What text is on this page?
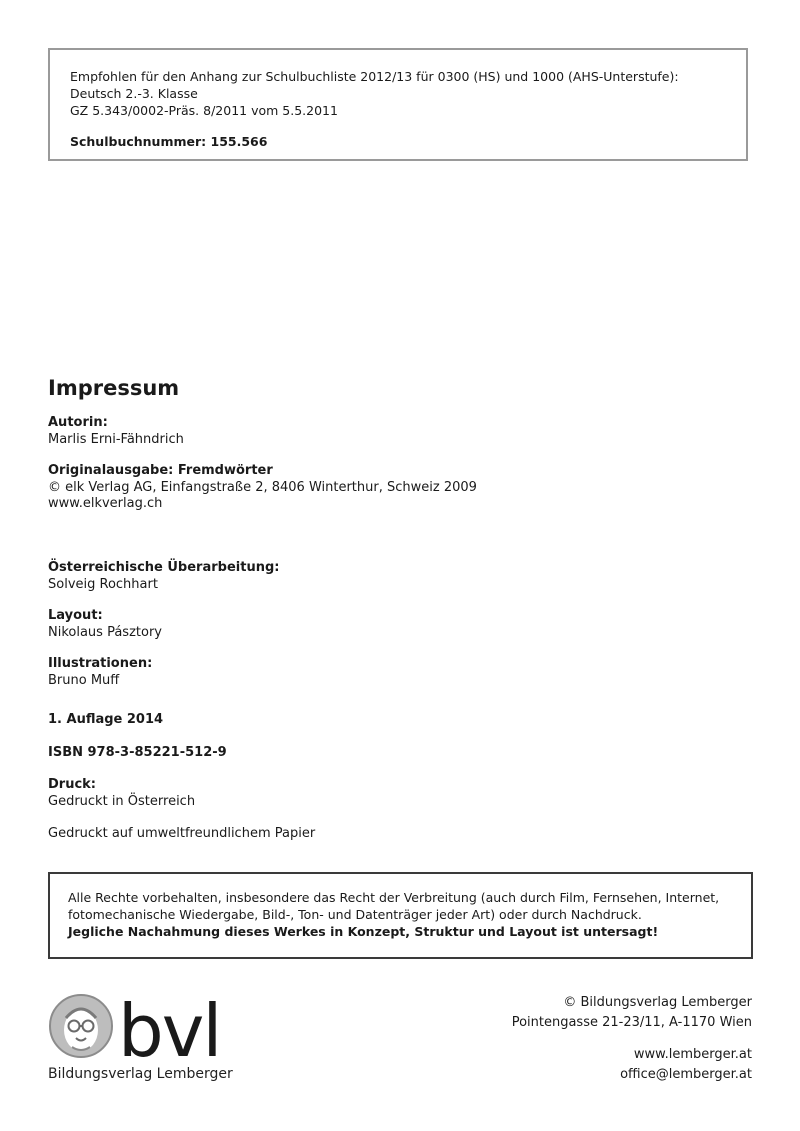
Empfohlen für den Anhang zur Schulbuchliste 2012/13 für 0300 (HS) und 1000 (AHS-Unterstufe):
Deutsch 2.-3. Klasse
GZ 5.343/0002-Präs. 8/2011 vom 5.5.2011
Schulbuchnummer: 155.566
Impressum
Autorin:
Marlis Erni-Fähndrich
Originalausgabe: Fremdwörter
© elk Verlag AG, Einfangstraße 2, 8406 Winterthur, Schweiz 2009
www.elkverlag.ch
Österreichische Überarbeitung:
Solveig Rochhart
Layout:
Nikolaus Pásztory
Illustrationen:
Bruno Muff
1. Auflage 2014
ISBN 978-3-85221-512-9
Druck:
Gedruckt in Österreich
Gedruckt auf umweltfreundlichem Papier
Alle Rechte vorbehalten, insbesondere das Recht der Verbreitung (auch durch Film, Fernsehen, Internet,
fotomechanische Wiedergabe, Bild-, Ton- und Datenträger jeder Art) oder durch Nachdruck.
Jegliche Nachahmung dieses Werkes in Konzept, Struktur und Layout ist untersagt!
bvl
Bildungsverlag Lemberger
© Bildungsverlag Lemberger
Pointengasse 21-23/11, A-1170 Wien
www.lemberger.at
office@lemberger.at
